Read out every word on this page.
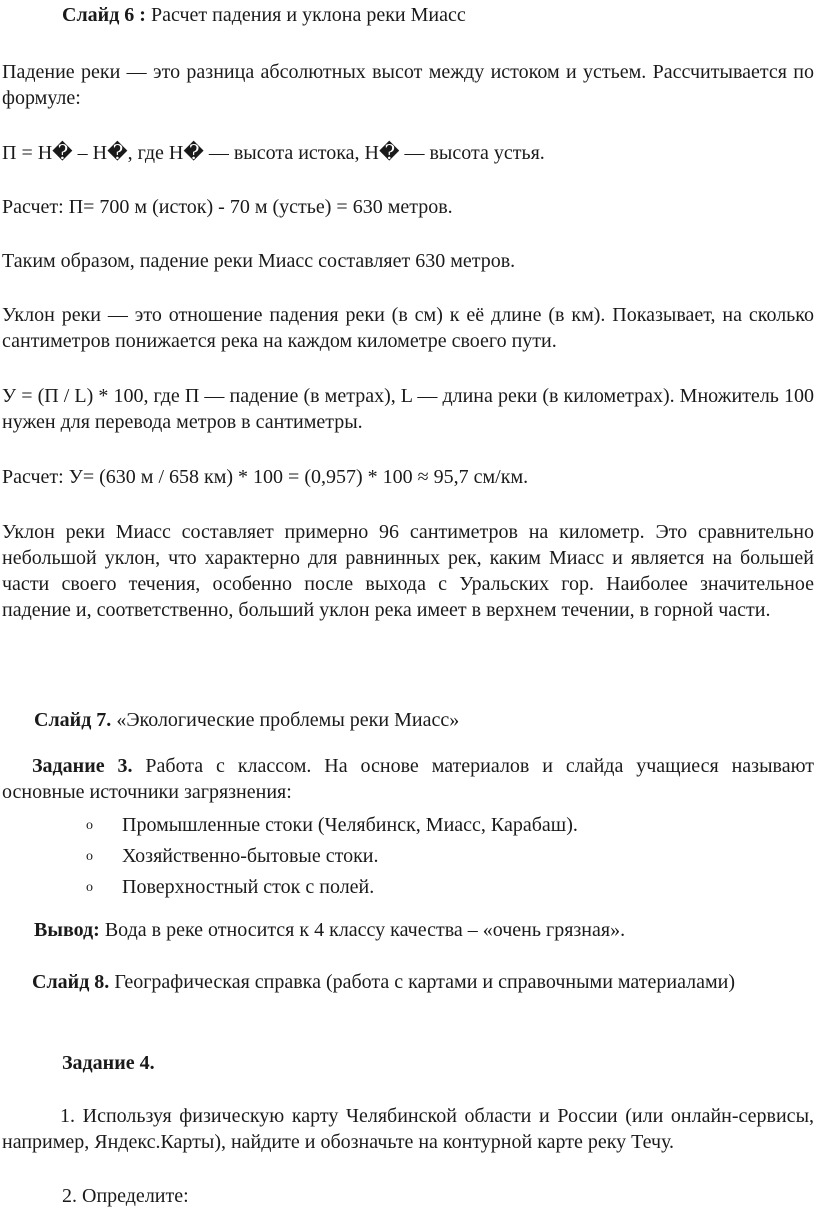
Слайд 6 : Расчет падения и уклона реки Миасс

Падение реки — это разница абсолютных высот между истоком и устьем. Рассчитывается по формуле:

П = H� – H�, где H� — высота истока, H� — высота устья.

Расчет: П= 700 м (исток) - 70 м (устье) = 630 метров.

Таким образом, падение реки Миасс составляет 630 метров.

Уклон реки — это отношение падения реки (в см) к её длине (в км). Показывает, на сколько сантиметров понижается река на каждом километре своего пути.

У = (П / L) * 100, где П — падение (в метрах), L — длина реки (в километрах). Множитель 100 нужен для перевода метров в сантиметры.

Расчет: У= (630 м / 658 км) * 100 = (0,957) * 100 ≈ 95,7 см/км.

Уклон реки Миасс составляет примерно 96 сантиметров на километр. Это сравнительно небольшой уклон, что характерно для равнинных рек, каким Миасс и является на большей части своего течения, особенно после выхода с Уральских гор. Наиболее значительное падение и, соответственно, больший уклон река имеет в верхнем течении, в горной части.

Слайд 7. «Экологические проблемы реки Миасс»

Задание 3. Работа с классом. На основе материалов и слайда учащиеся называют основные источники загрязнения:
o Промышленные стоки (Челябинск, Миасс, Карабаш).
o Хозяйственно-бытовые стоки.
o Поверхностный сток с полей.

Вывод: Вода в реке относится к 4 классу качества – «очень грязная».

Слайд 8. Географическая справка (работа с картами и справочными материалами)

Задание 4.

1. Используя физическую карту Челябинской области и России (или онлайн-сервисы, например, Яндекс.Карты), найдите и обозначьте на контурной карте реку Течу.

2. Определите:
